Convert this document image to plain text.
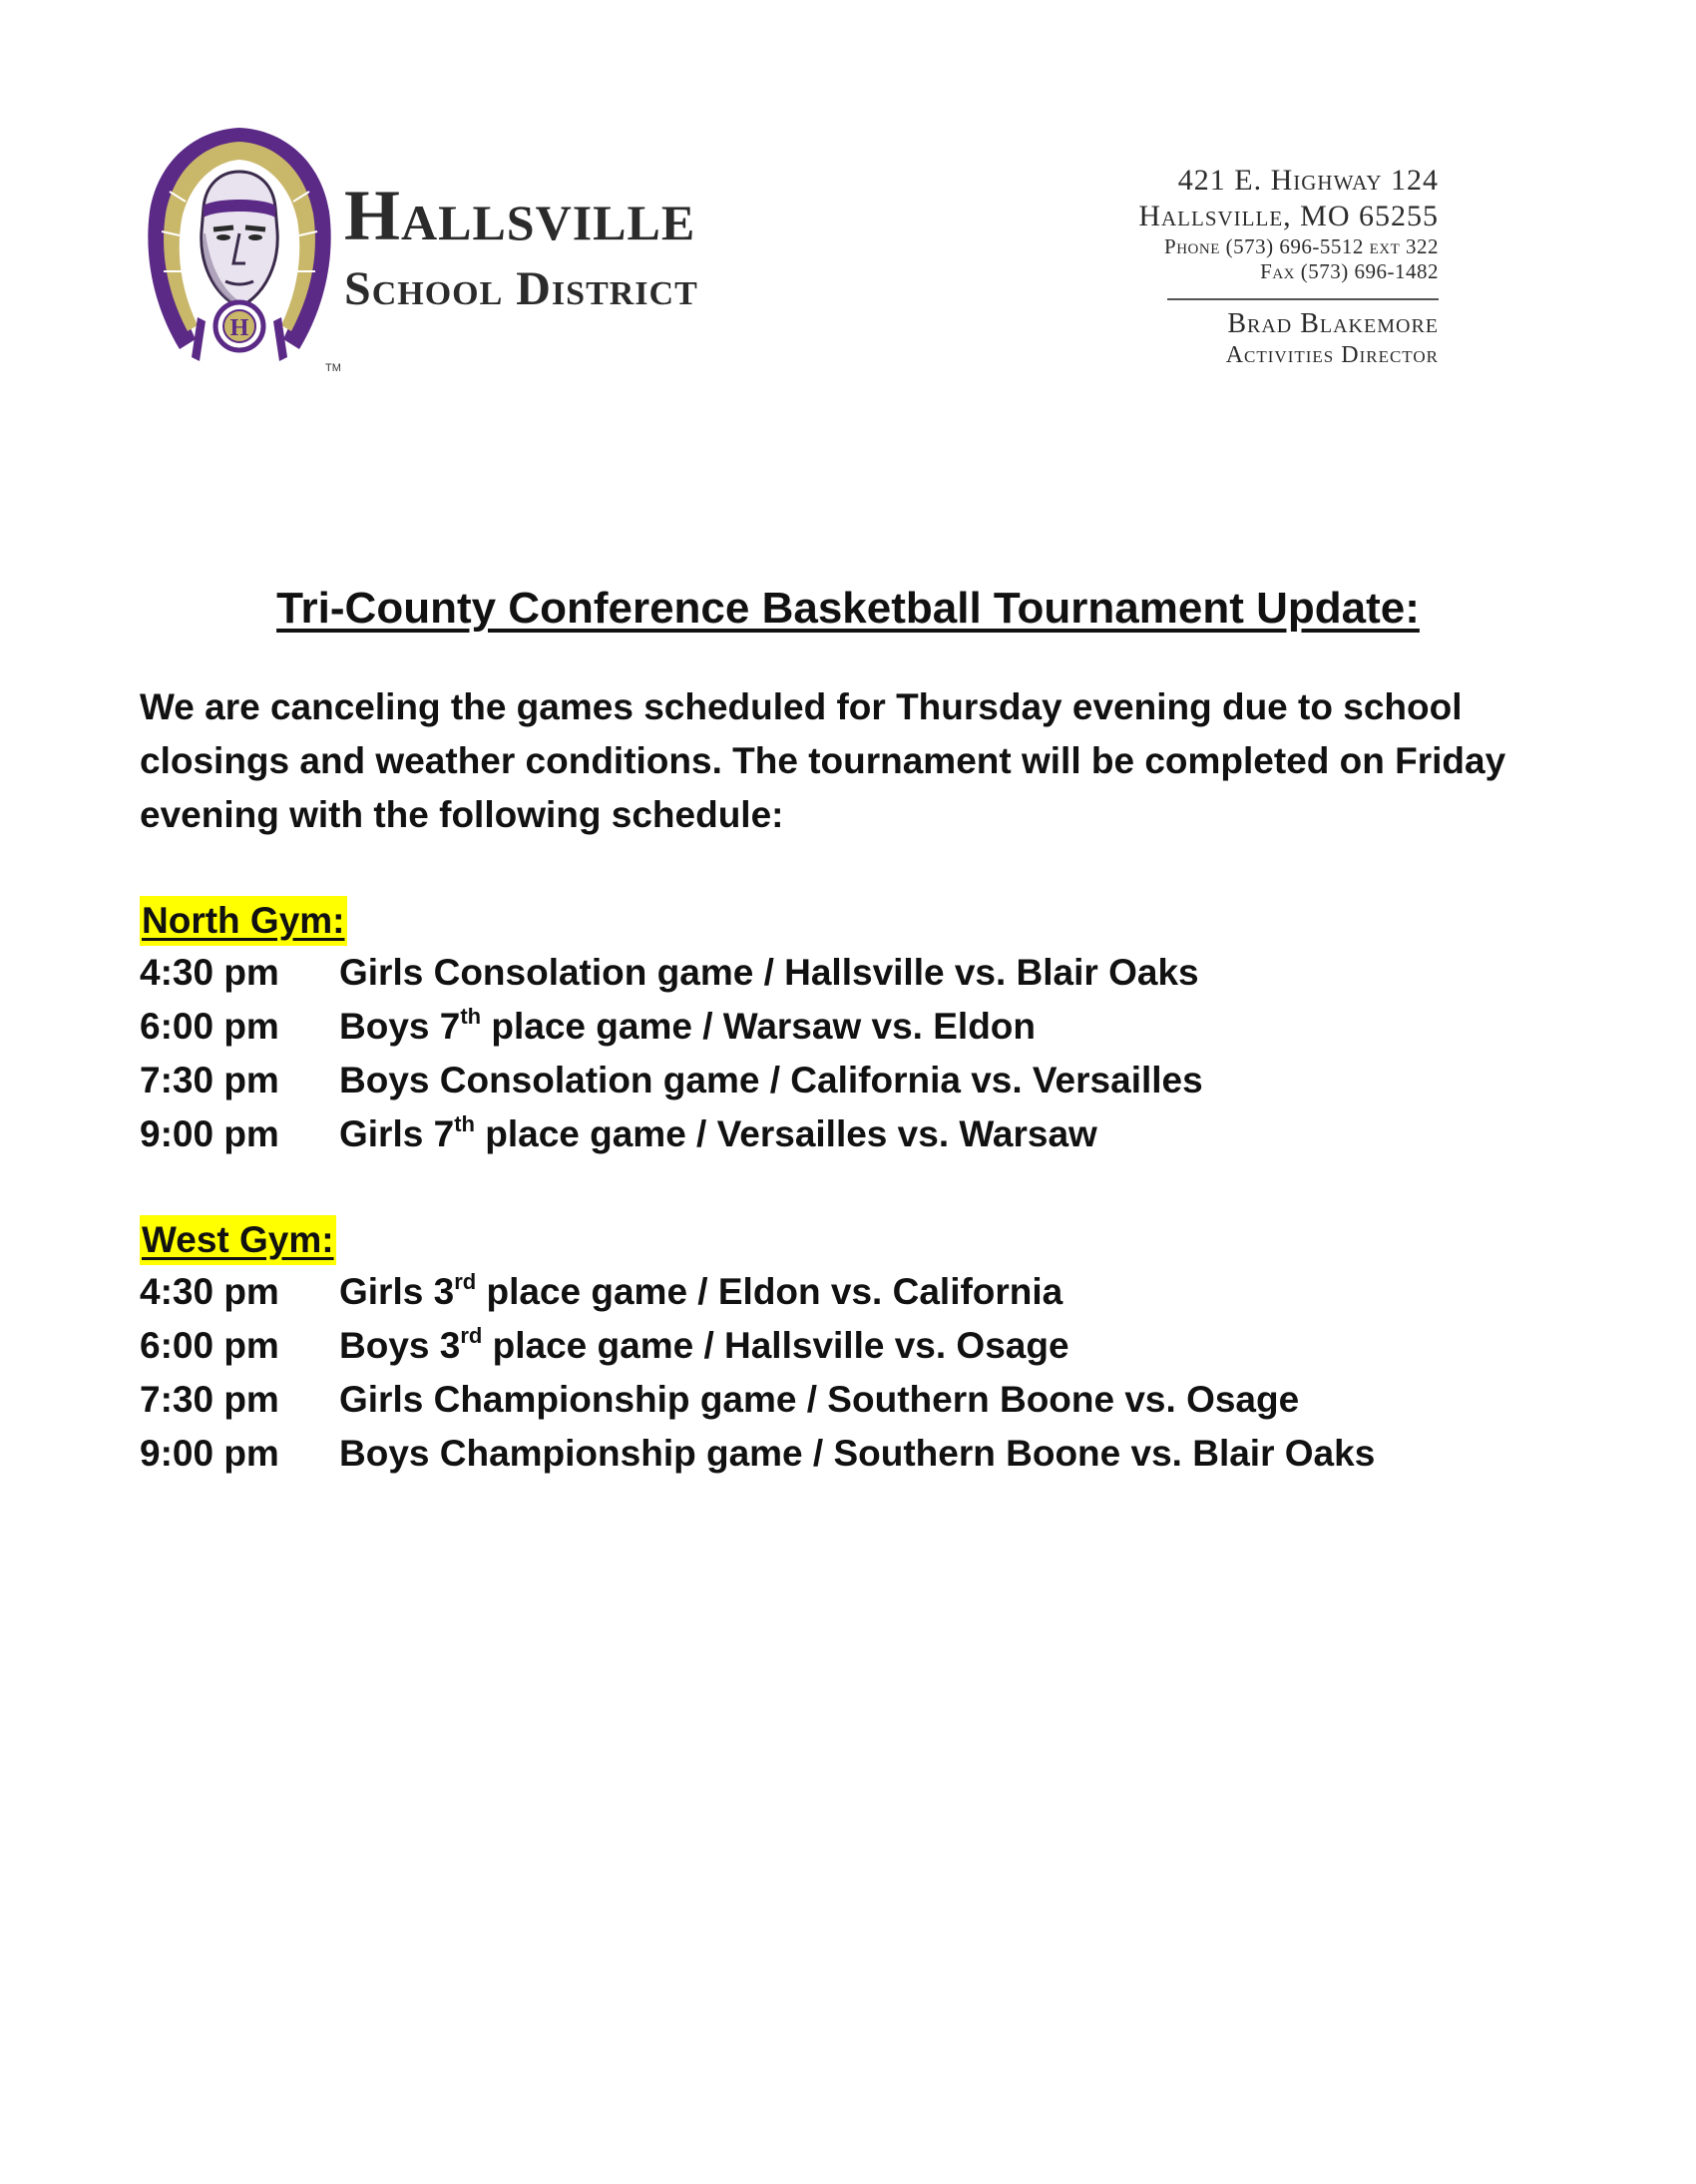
H
TM
Hallsville
School District
421 E. Highway 124
Hallsville, MO 65255
Phone (573) 696-5512 ext 322
Fax (573) 696-1482
Brad Blakemore
Activities Director
Tri-County Conference Basketball Tournament Update:
We are canceling the games scheduled for Thursday evening due to school closings and weather conditions. The tournament will be completed on Friday evening with the following schedule:
North Gym:
4:30 pm	Girls Consolation game / Hallsville vs. Blair Oaks
6:00 pm	Boys 7th place game / Warsaw vs. Eldon
7:30 pm	Boys Consolation game / California vs. Versailles
9:00 pm	Girls 7th place game / Versailles vs. Warsaw
West Gym:
4:30 pm	Girls 3rd place game / Eldon vs. California
6:00 pm	Boys 3rd place game / Hallsville vs. Osage
7:30 pm	Girls Championship game / Southern Boone vs. Osage
9:00 pm	Boys Championship game / Southern Boone vs. Blair Oaks
